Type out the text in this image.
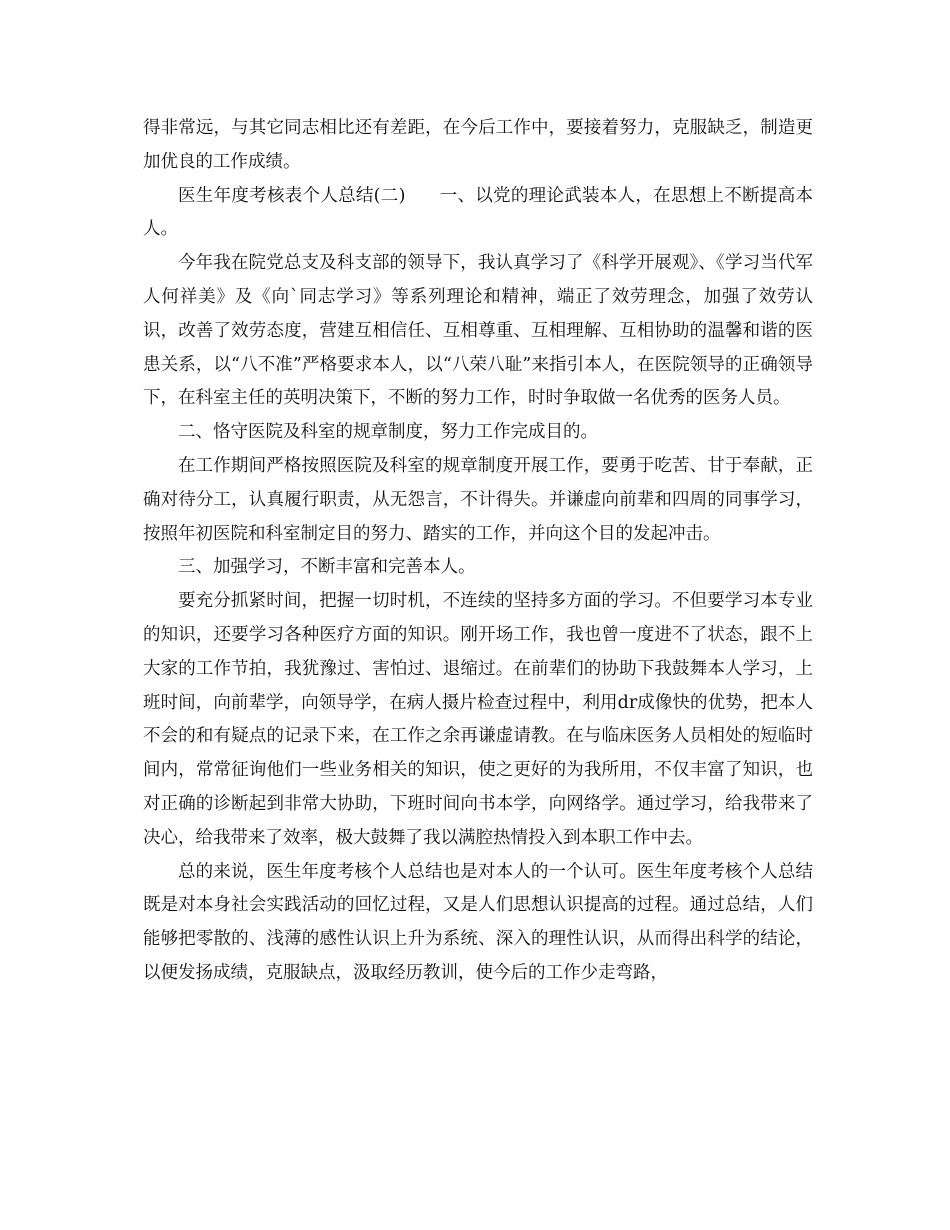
得非常远，与其它同志相比还有差距，在今后工作中，要接着努力，克服缺乏，制造更加优良的工作成绩。

医生年度考核表个人总结(二) 一、以党的理论武装本人，在思想上不断提高本人。

今年我在院党总支及科支部的领导下，我认真学习了《科学开展观》、《学习当代军人何祥美》及《向`同志学习》等系列理论和精神，端正了效劳理念，加强了效劳认识，改善了效劳态度，营建互相信任、互相尊重、互相理解、互相协助的温馨和谐的医患关系，以“八不准”严格要求本人，以“八荣八耻”来指引本人，在医院领导的正确领导下，在科室主任的英明决策下，不断的努力工作，时时争取做一名优秀的医务人员。

二、恪守医院及科室的规章制度，努力工作完成目的。

在工作期间严格按照医院及科室的规章制度开展工作，要勇于吃苦、甘于奉献，正确对待分工，认真履行职责，从无怨言，不计得失。并谦虚向前辈和四周的同事学习，按照年初医院和科室制定目的努力、踏实的工作，并向这个目的发起冲击。

三、加强学习，不断丰富和完善本人。

要充分抓紧时间，把握一切时机，不连续的坚持多方面的学习。不但要学习本专业的知识，还要学习各种医疗方面的知识。刚开场工作，我也曾一度进不了状态，跟不上大家的工作节拍，我犹豫过、害怕过、退缩过。在前辈们的协助下我鼓舞本人学习，上班时间，向前辈学，向领导学，在病人摄片检查过程中，利用dr成像快的优势，把本人不会的和有疑点的记录下来，在工作之余再谦虚请教。在与临床医务人员相处的短临时间内，常常征询他们一些业务相关的知识，使之更好的为我所用，不仅丰富了知识，也对正确的诊断起到非常大协助，下班时间向书本学，向网络学。通过学习，给我带来了决心，给我带来了效率，极大鼓舞了我以满腔热情投入到本职工作中去。

总的来说，医生年度考核个人总结也是对本人的一个认可。医生年度考核个人总结既是对本身社会实践活动的回忆过程，又是人们思想认识提高的过程。通过总结，人们能够把零散的、浅薄的感性认识上升为系统、深入的理性认识，从而得出科学的结论，以便发扬成绩，克服缺点，汲取经历教训，使今后的工作少走弯路，
